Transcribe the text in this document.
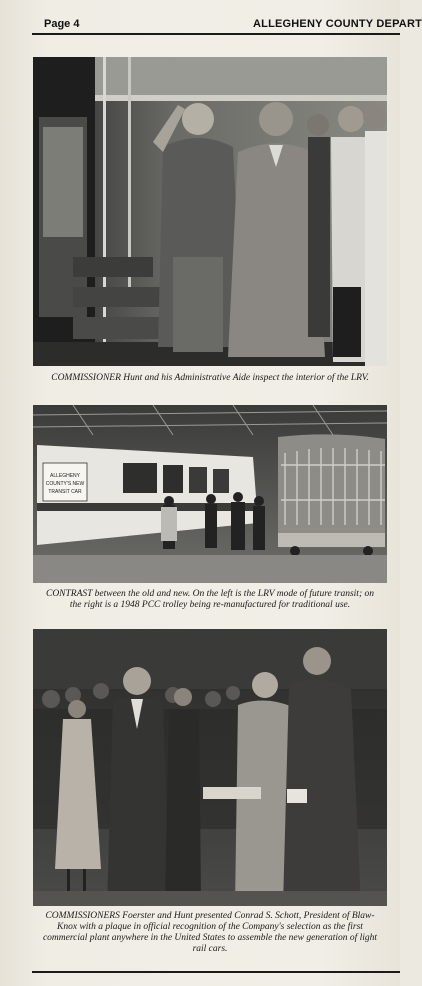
Page 4	ALLEGHENY COUNTY DEPART
COMMISSIONER Hunt and his Administrative Aide inspect the interior of the LRV.
ALLEGHENY
COUNTY'S NEW
TRANSIT CAR
CONTRAST between the old and new. On the left is the LRV mode of future transit; on the right is a 1948 PCC trolley being re-manufactured for traditional use.
COMMISSIONERS Foerster and Hunt presented Conrad S. Schott, President of Blaw-Knox with a plaque in official recognition of the Company's selection as the first commercial plant anywhere in the United States to assemble the new generation of light rail cars.
